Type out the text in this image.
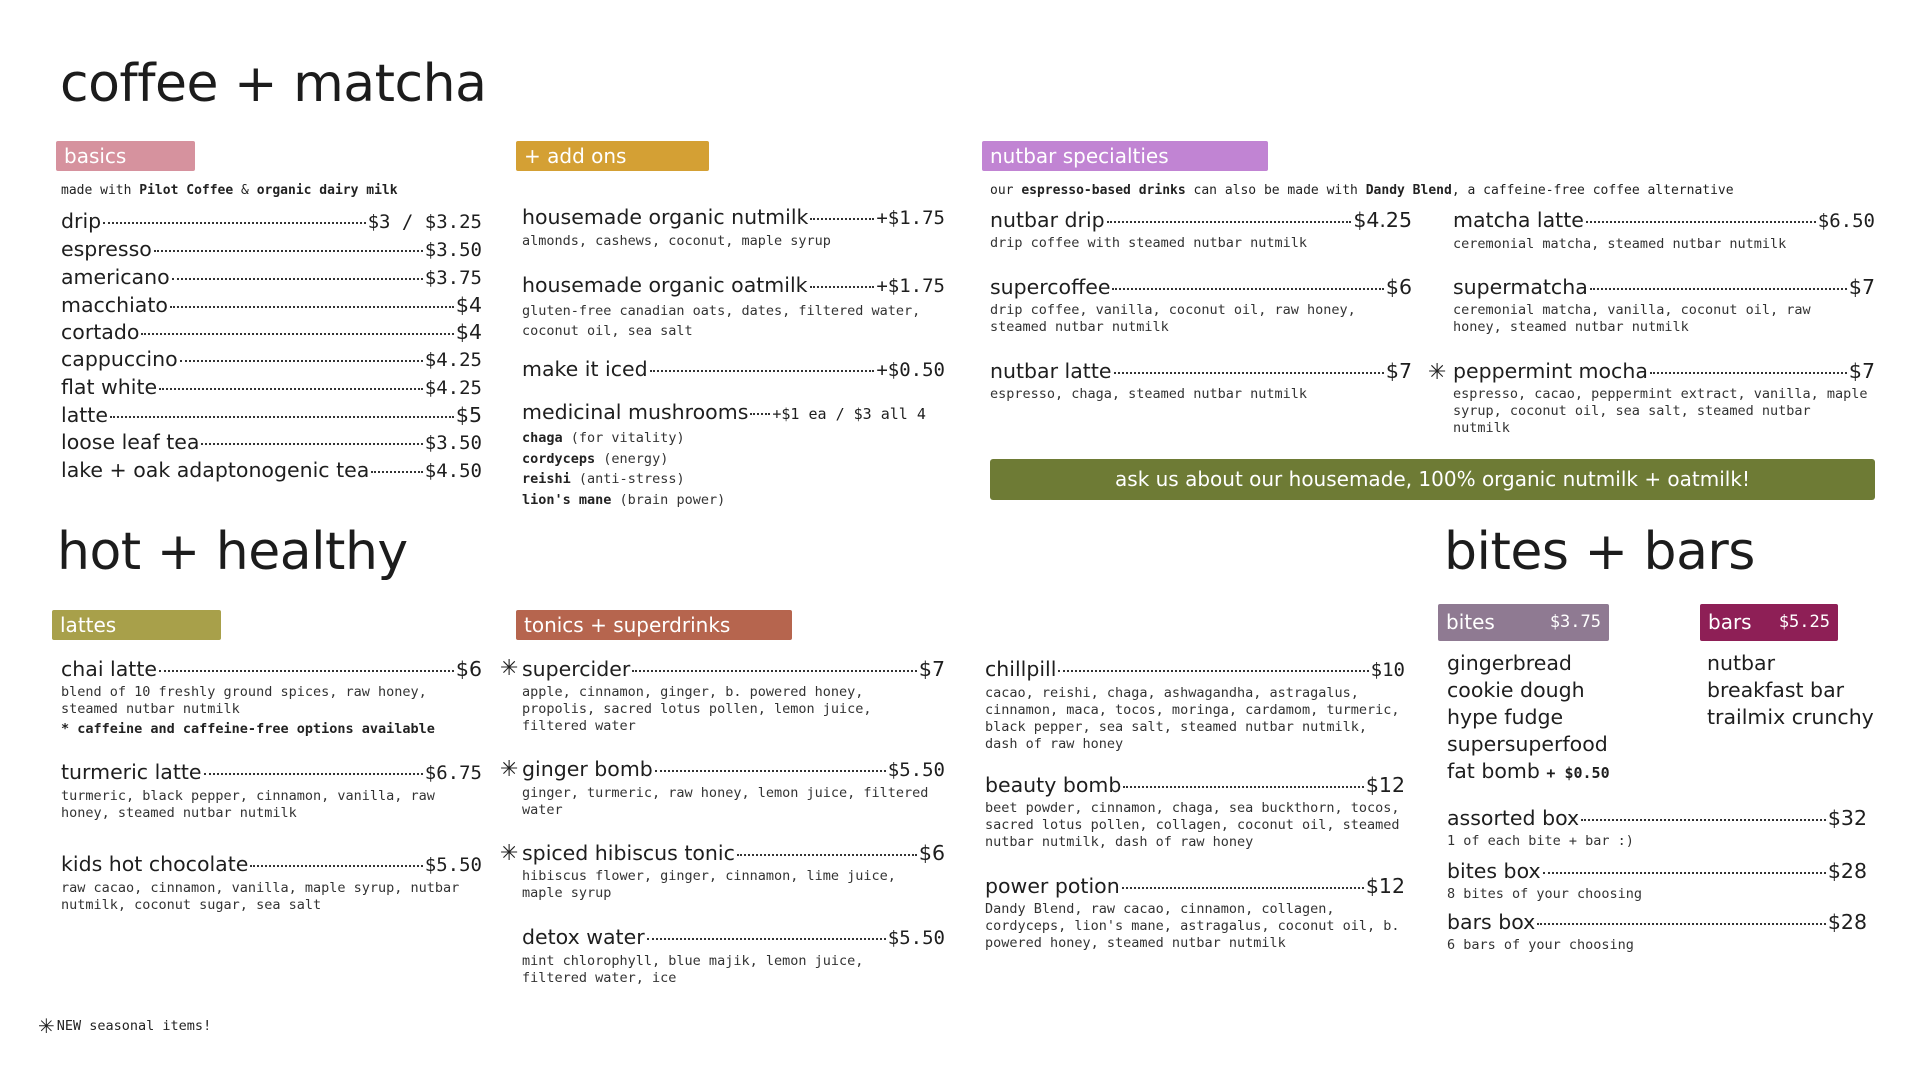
coffee + matcha
basics
made with Pilot Coffee & organic dairy milk
drip	$3 / $3.25
espresso	$3.50
americano	$3.75
macchiato	$4
cortado	$4
cappuccino	$4.25
flat white	$4.25
latte	$5
loose leaf tea	$3.50
lake + oak adaptonogenic tea	$4.50
+ add ons
housemade organic nutmilk	+$1.75
almonds, cashews, coconut, maple syrup
housemade organic oatmilk	+$1.75
gluten-free canadian oats, dates, filtered water, coconut oil, sea salt
make it iced	+$0.50
medicinal mushrooms +$1 ea / $3 all 4
chaga (for vitality)
cordyceps (energy)
reishi (anti-stress)
lion's mane (brain power)
nutbar specialties
our espresso-based drinks can also be made with Dandy Blend, a caffeine-free coffee alternative
nutbar drip	$4.25
drip coffee with steamed nutbar nutmilk
supercoffee	$6
drip coffee, vanilla, coconut oil, raw honey, steamed nutbar nutmilk
nutbar latte	$7
espresso, chaga, steamed nutbar nutmilk
matcha latte	$6.50
ceremonial matcha, steamed nutbar nutmilk
supermatcha	$7
ceremonial matcha, vanilla, coconut oil, raw honey, steamed nutbar nutmilk
✳ peppermint mocha	$7
espresso, cacao, peppermint extract, vanilla, maple syrup, coconut oil, sea salt, steamed nutbar nutmilk
ask us about our housemade, 100% organic nutmilk + oatmilk!
hot + healthy
lattes
chai latte	$6
blend of 10 freshly ground spices, raw honey, steamed nutbar nutmilk
* caffeine and caffeine-free options available
turmeric latte	$6.75
turmeric, black pepper, cinnamon, vanilla, raw honey, steamed nutbar nutmilk
kids hot chocolate	$5.50
raw cacao, cinnamon, vanilla, maple syrup, nutbar nutmilk, coconut sugar, sea salt
tonics + superdrinks
✳ supercider	$7
apple, cinnamon, ginger, b. powered honey, propolis, sacred lotus pollen, lemon juice, filtered water
✳ ginger bomb	$5.50
ginger, turmeric, raw honey, lemon juice, filtered water
✳ spiced hibiscus tonic	$6
hibiscus flower, ginger, cinnamon, lime juice, maple syrup
detox water	$5.50
mint chlorophyll, blue majik, lemon juice, filtered water, ice
chillpill	$10
cacao, reishi, chaga, ashwagandha, astragalus, cinnamon, maca, tocos, moringa, cardamom, turmeric, black pepper, sea salt, steamed nutbar nutmilk, dash of raw honey
beauty bomb	$12
beet powder, cinnamon, chaga, sea buckthorn, tocos, sacred lotus pollen, collagen, coconut oil, steamed nutbar nutmilk, dash of raw honey
power potion	$12
Dandy Blend, raw cacao, cinnamon, collagen, cordyceps, lion's mane, astragalus, coconut oil, b. powered honey, steamed nutbar nutmilk
bites + bars
bites	$3.75	bars $5.25
gingerbread
cookie dough
hype fudge
supersuperfood
fat bomb + $0.50
nutbar
breakfast bar
trailmix crunchy
assorted box	$32
1 of each bite + bar :)
bites box	$28
8 bites of your choosing
bars box	$28
6 bars of your choosing
✳ NEW seasonal items!
